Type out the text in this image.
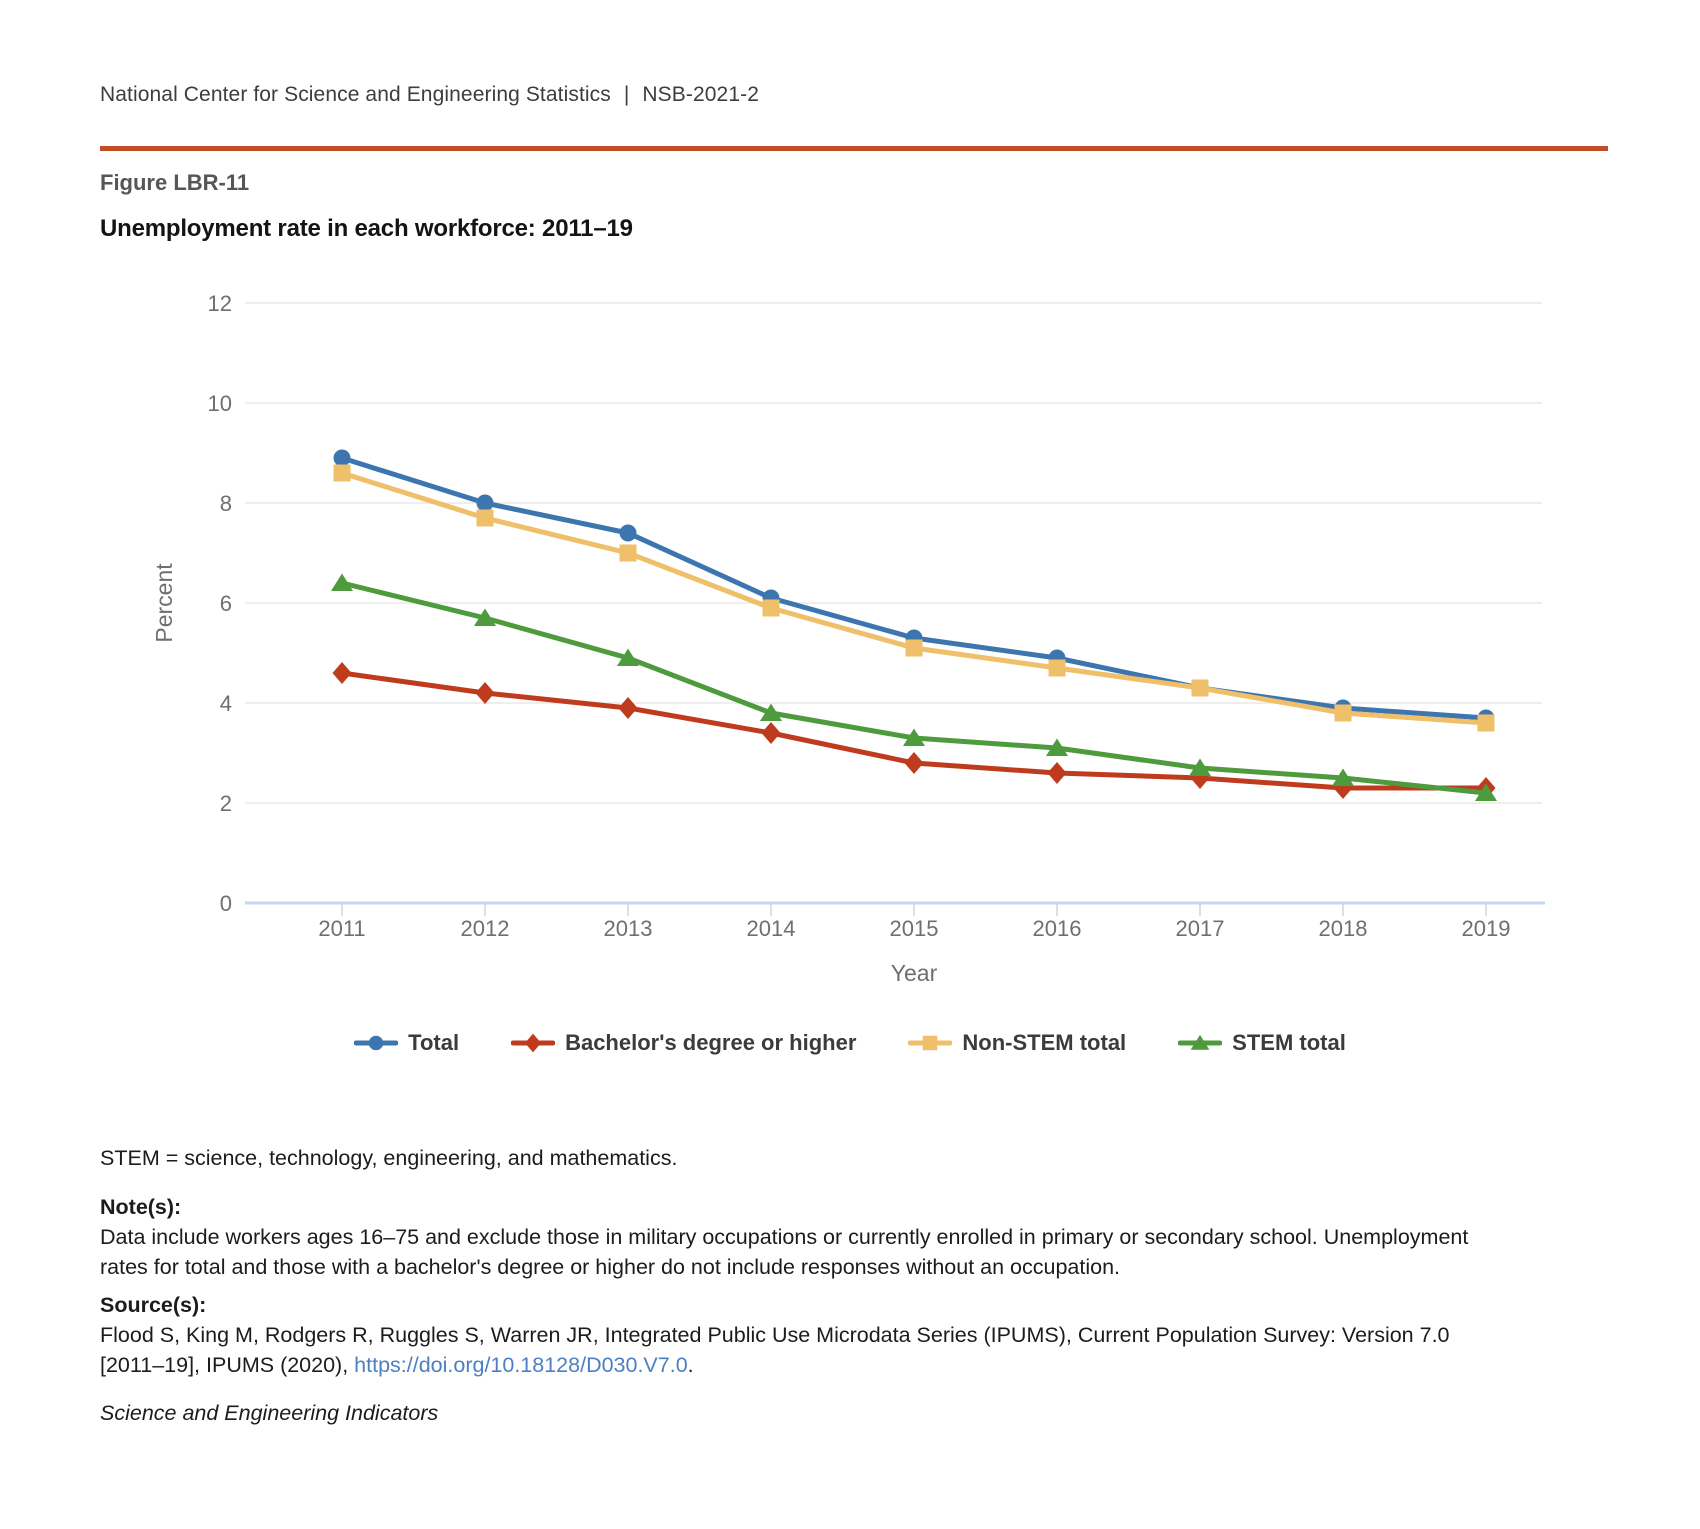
National Center for Science and Engineering Statistics | NSB-2021-2
Figure LBR-11
Unemployment rate in each workforce: 2011–19
0
2
4
6
8
10
12
2011	2012	2013	2014	2015	2016	2017	2018	2019
Year
Percent
Total	Bachelor's degree or higher	Non-STEM total	STEM total
STEM = science, technology, engineering, and mathematics.
Note(s):
Data include workers ages 16–75 and exclude those in military occupations or currently enrolled in primary or secondary school. Unemployment rates for total and those with a bachelor's degree or higher do not include responses without an occupation.
Source(s):
Flood S, King M, Rodgers R, Ruggles S, Warren JR, Integrated Public Use Microdata Series (IPUMS), Current Population Survey: Version 7.0 [2011–19], IPUMS (2020), https://doi.org/10.18128/D030.V7.0.
Science and Engineering Indicators
